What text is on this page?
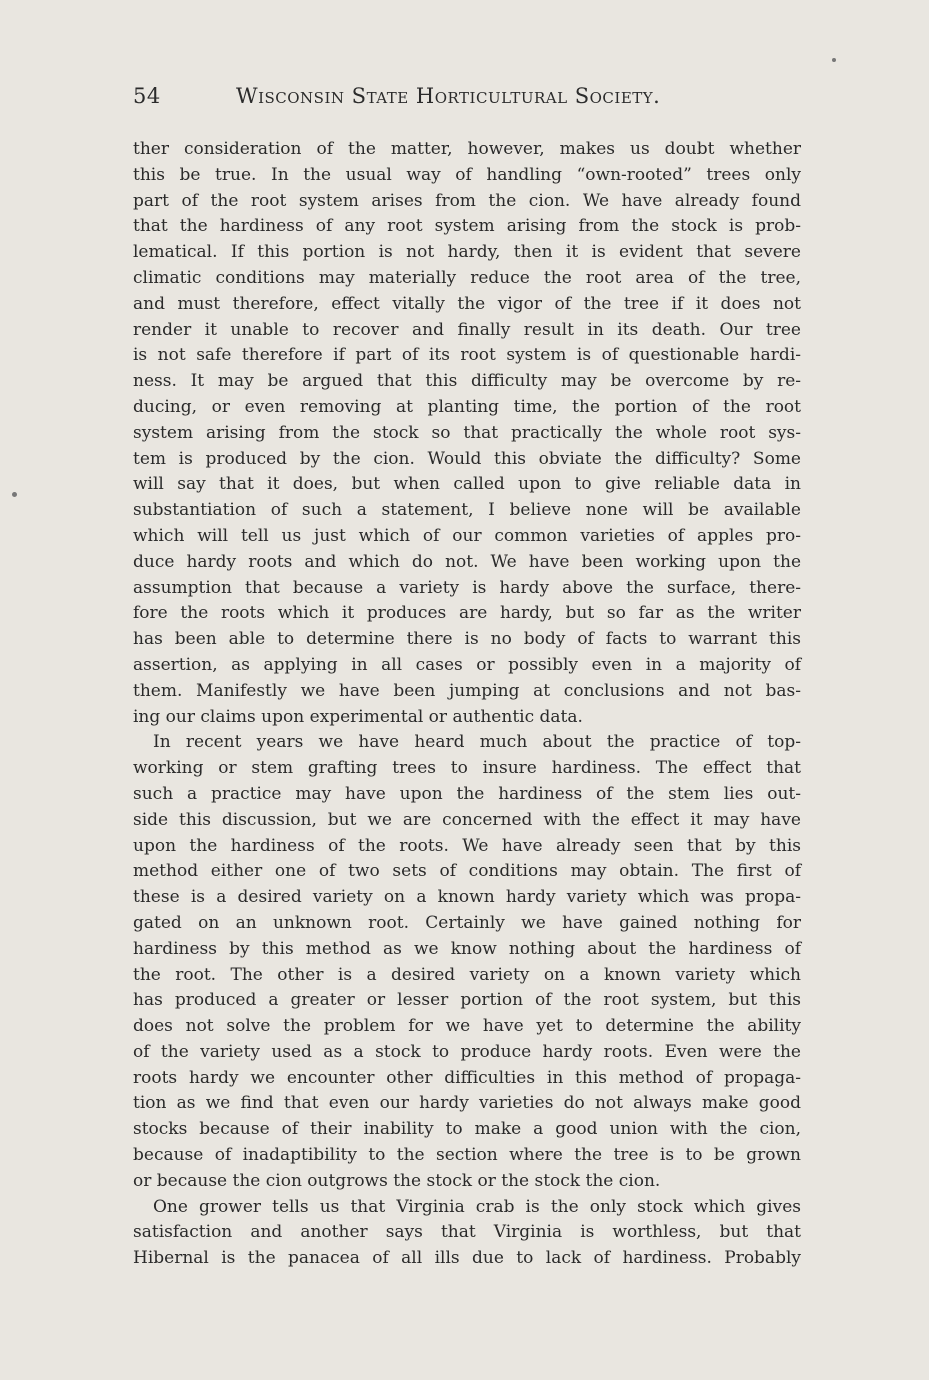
54	Wisconsin State Horticultural Society.
ther consideration of the matter, however, makes us doubt whether
this be true. In the usual way of handling “own-rooted” trees only
part of the root system arises from the cion. We have already found
that the hardiness of any root system arising from the stock is prob-
lematical. If this portion is not hardy, then it is evident that severe
climatic conditions may materially reduce the root area of the tree,
and must therefore, effect vitally the vigor of the tree if it does not
render it unable to recover and finally result in its death. Our tree
is not safe therefore if part of its root system is of questionable hardi-
ness. It may be argued that this difficulty may be overcome by re-
ducing, or even removing at planting time, the portion of the root
system arising from the stock so that practically the whole root sys-
tem is produced by the cion. Would this obviate the difficulty? Some
will say that it does, but when called upon to give reliable data in
substantiation of such a statement, I believe none will be available
which will tell us just which of our common varieties of apples pro-
duce hardy roots and which do not. We have been working upon the
assumption that because a variety is hardy above the surface, there-
fore the roots which it produces are hardy, but so far as the writer
has been able to determine there is no body of facts to warrant this
assertion, as applying in all cases or possibly even in a majority of
them. Manifestly we have been jumping at conclusions and not bas-
ing our claims upon experimental or authentic data.
In recent years we have heard much about the practice of top-
working or stem grafting trees to insure hardiness. The effect that
such a practice may have upon the hardiness of the stem lies out-
side this discussion, but we are concerned with the effect it may have
upon the hardiness of the roots. We have already seen that by this
method either one of two sets of conditions may obtain. The first of
these is a desired variety on a known hardy variety which was propa-
gated on an unknown root. Certainly we have gained nothing for
hardiness by this method as we know nothing about the hardiness of
the root. The other is a desired variety on a known variety which
has produced a greater or lesser portion of the root system, but this
does not solve the problem for we have yet to determine the ability
of the variety used as a stock to produce hardy roots. Even were the
roots hardy we encounter other difficulties in this method of propaga-
tion as we find that even our hardy varieties do not always make good
stocks because of their inability to make a good union with the cion,
because of inadaptibility to the section where the tree is to be grown
or because the cion outgrows the stock or the stock the cion.
One grower tells us that Virginia crab is the only stock which gives
satisfaction and another says that Virginia is worthless, but that
Hibernal is the panacea of all ills due to lack of hardiness. Probably
